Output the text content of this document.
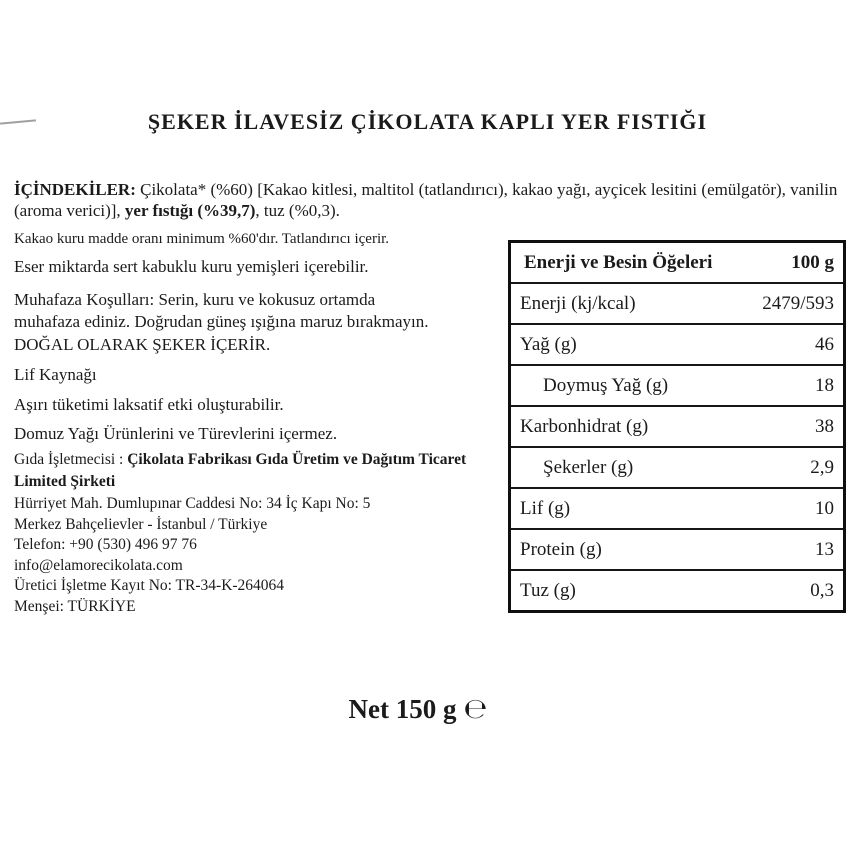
ŞEKER İLAVESİZ ÇİKOLATA KAPLI YER FISTIĞI
İÇİNDEKİLER: Çikolata* (%60) [Kakao kitlesi, maltitol (tatlandırıcı), kakao yağı, ayçicek lesitini (emülgatör), vanilin (aroma verici)], yer fıstığı (%39,7), tuz (%0,3).
Kakao kuru madde oranı minimum %60'dır. Tatlandırıcı içerir.
Eser miktarda sert kabuklu kuru yemişleri içerebilir.
Muhafaza Koşulları: Serin, kuru ve kokusuz ortamda
muhafaza ediniz. Doğrudan güneş ışığına maruz bırakmayın.
DOĞAL OLARAK ŞEKER İÇERİR.
Lif Kaynağı
Aşırı tüketimi laksatif etki oluşturabilir.
Domuz Yağı Ürünlerini ve Türevlerini içermez.
Gıda İşletmecisi : Çikolata Fabrikası Gıda Üretim ve Dağıtım Ticaret Limited Şirketi
Hürriyet Mah. Dumlupınar Caddesi No: 34 İç Kapı No: 5
Merkez Bahçelievler - İstanbul / Türkiye
Telefon: +90 (530) 496 97 76
info@elamorecikolata.com
Üretici İşletme Kayıt No: TR-34-K-264064
Menşei: TÜRKİYE
Enerji ve Besin Öğeleri	100 g
Enerji (kj/kcal)	2479/593
Yağ (g)	46
Doymuş Yağ (g)	18
Karbonhidrat (g)	38
Şekerler (g)	2,9
Lif (g)	10
Protein (g)	13
Tuz (g)	0,3
Net 150 g ℮
